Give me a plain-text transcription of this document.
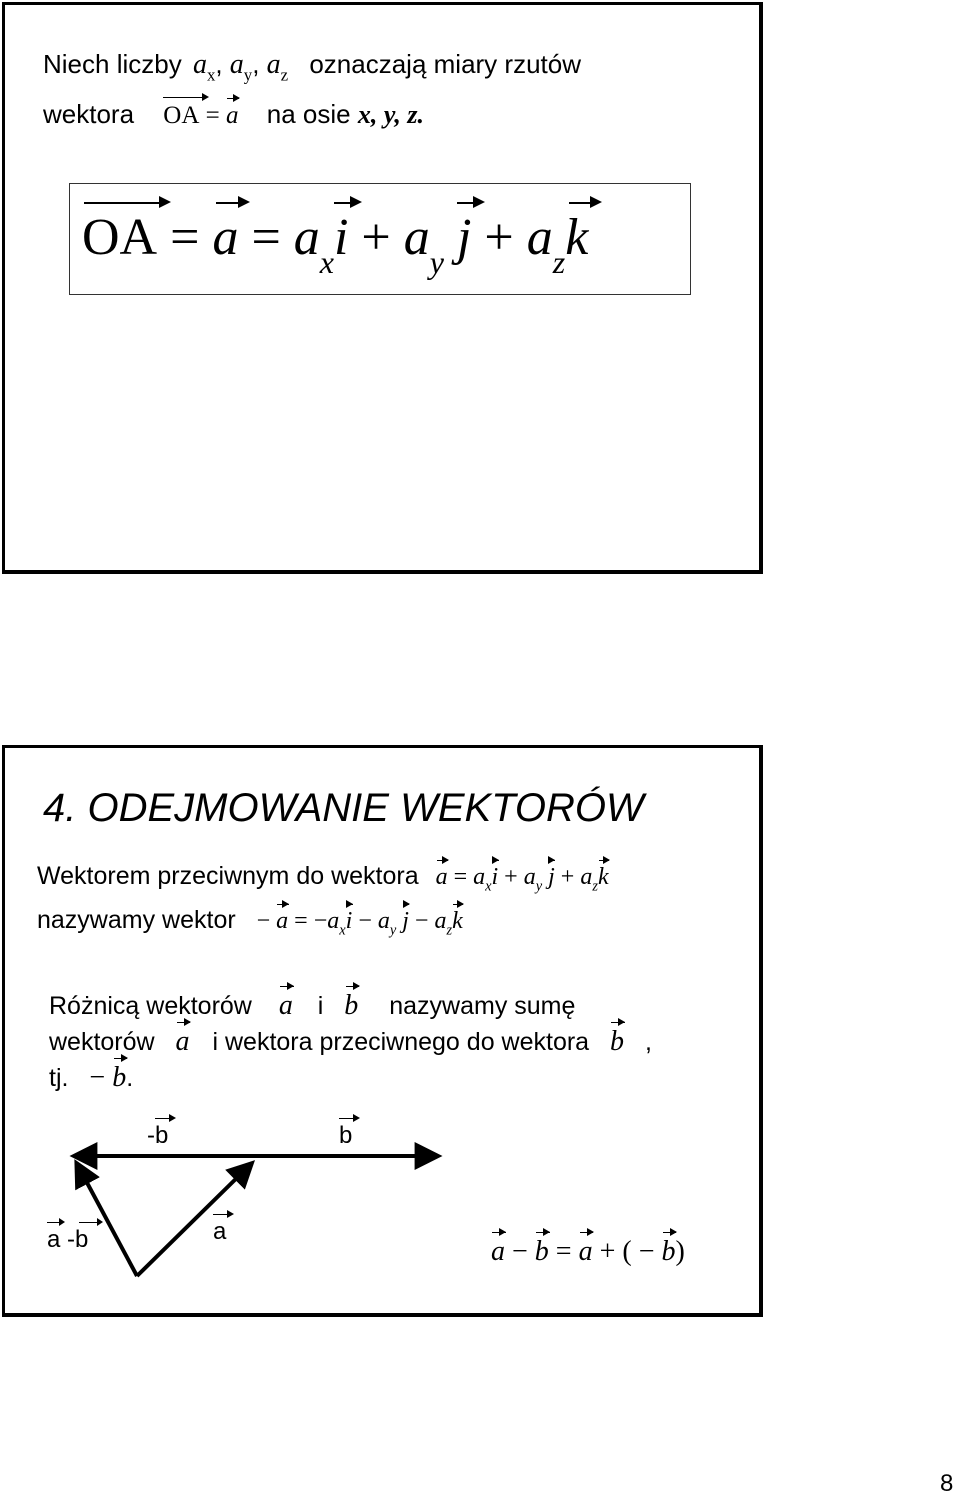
Niech liczby $a_x$, $a_y$, $a_z$ oznaczają miary rzutów
wektora OA
= a na osie x, y, z.
OA
= a
= $a_xi$
+ $a_y$ j
+ $a_zk$
4. ODEJMOWANIE WEKTORÓW
Wektorem przeciwnym do wektora $a = a_xi + a_y$ $j + a_zk$
nazywamy wektor − $a = -a_xi - a_y$ $j - a_zk$
Różnicą wektorów a i b nazywamy sumę
wektorów a i wektora przeciwnego do wektora b ,
tj. − b.
-b	b
a
a -b	a − b = a + ( − b)
8
